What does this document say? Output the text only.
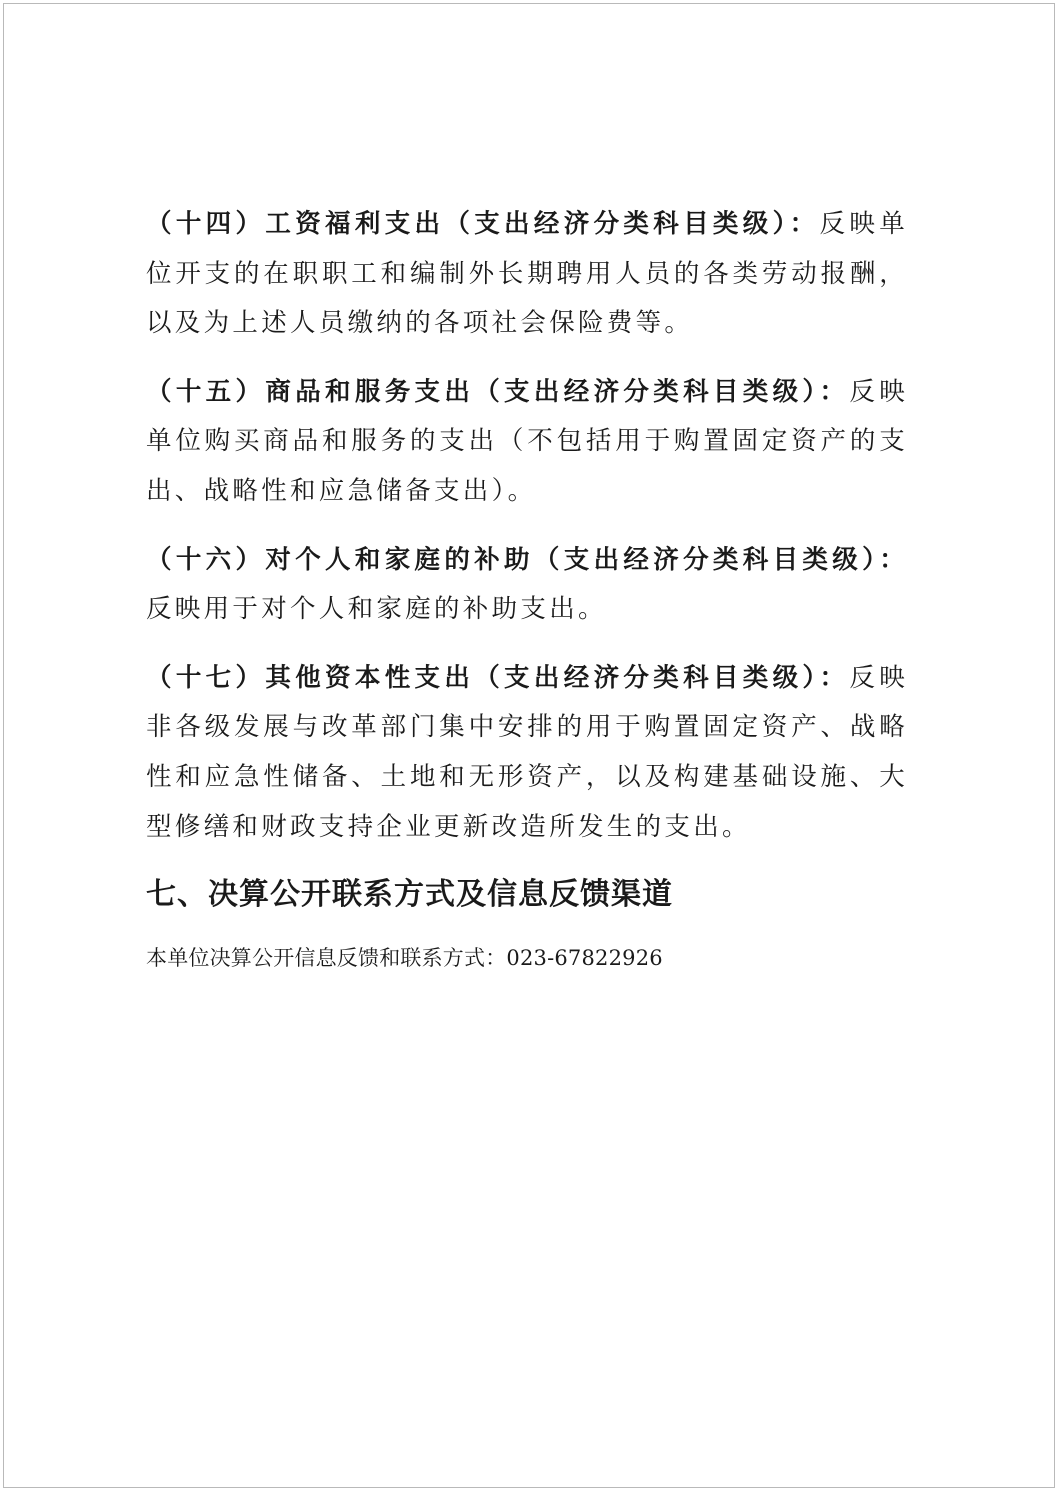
（十四）工资福利支出（支出经济分类科目类级）：反映单位开支的在职职工和编制外长期聘用人员的各类劳动报酬，以及为上述人员缴纳的各项社会保险费等。

（十五）商品和服务支出（支出经济分类科目类级）：反映单位购买商品和服务的支出（不包括用于购置固定资产的支出、战略性和应急储备支出）。

（十六）对个人和家庭的补助（支出经济分类科目类级）：反映用于对个人和家庭的补助支出。

（十七）其他资本性支出（支出经济分类科目类级）：反映非各级发展与改革部门集中安排的用于购置固定资产、战略性和应急性储备、土地和无形资产，以及构建基础设施、大型修缮和财政支持企业更新改造所发生的支出。

七、决算公开联系方式及信息反馈渠道
本单位决算公开信息反馈和联系方式：023-67822926
